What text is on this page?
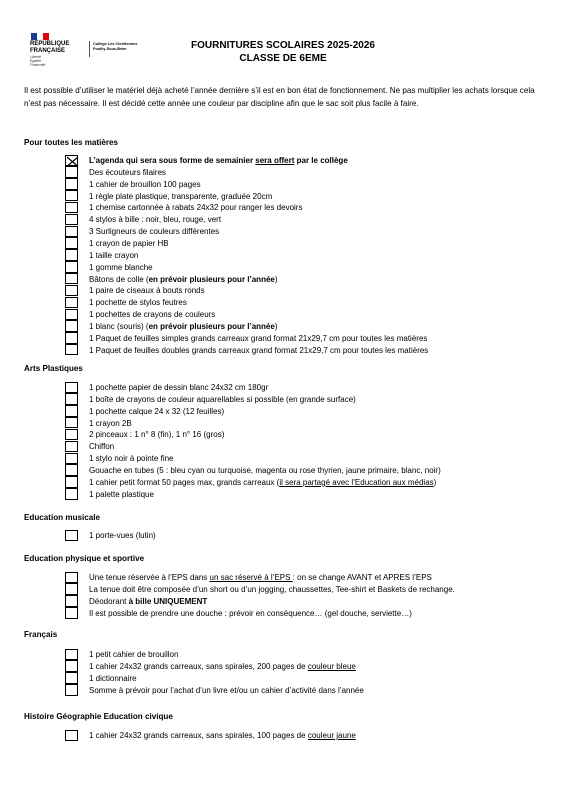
RÉPUBLIQUE FRANÇAISE
Liberté
Égalité
Fraternité
Collège Les Chrétiennes
Pouilly-Sous-Beim	FOURNITURES SCOLAIRES 2025-2026
CLASSE DE 6EME
Il est possible d’utiliser le matériel déjà acheté l’année dernière s’il est en bon état de fonctionnement. Ne pas multiplier les achats lorsque cela n’est pas nécessaire. Il est décidé cette année une couleur par discipline afin que le sac soit plus facile à faire.
Pour toutes les matières
L’agenda qui sera sous forme de semainier sera offert par le collège
Des écouteurs filaires
1 cahier de brouillon 100 pages
1 règle plate plastique, transparente, graduée 20cm
1 chemise cartonnée à rabats 24x32 pour ranger les devoirs
4 stylos à bille : noir, bleu, rouge, vert
3 Surligneurs de couleurs différentes
1 crayon de papier HB
1 taille crayon
1 gomme blanche
Bâtons de colle (en prévoir plusieurs pour l’année)
1 paire de ciseaux à bouts ronds
1 pochette de stylos feutres
1 pochettes de crayons de couleurs
1 blanc (souris) (en prévoir plusieurs pour l’année)
1 Paquet de feuilles simples grands carreaux grand format 21x29,7 cm pour toutes les matières
1 Paquet de feuilles doubles grands carreaux grand format 21x29,7 cm pour toutes les matières
Arts Plastiques
1 pochette papier de dessin blanc 24x32 cm 180gr
1 boîte de crayons de couleur aquarellables si possible (en grande surface)
1 pochette calque 24 x 32 (12 feuilles)
1 crayon 2B
2 pinceaux : 1 n° 8 (fin), 1 n° 16 (gros)
Chiffon
1 stylo noir à pointe fine
Gouache en tubes (5 : bleu cyan ou turquoise, magenta ou rose thyrien, jaune primaire, blanc, noir)
1 cahier petit format 50 pages max, grands carreaux (il sera partagé avec l’Education aux médias)
1 palette plastique
Education musicale
1 porte-vues (lutin)
Education physique et sportive
Une tenue réservée à l’EPS dans un sac réservé à l’EPS : on se change AVANT et APRES l’EPS
La tenue doit être composée d’un short ou d’un jogging, chaussettes, Tee-shirt et Baskets de rechange.
Déodorant à bille UNIQUEMENT
Il est possible de prendre une douche : prévoir en conséquence… (gel douche, serviette…)
Français
1 petit cahier de brouillon
1 cahier 24x32 grands carreaux, sans spirales, 200 pages de couleur bleue
1 dictionnaire
Somme à prévoir pour l’achat d’un livre et/ou un cahier d’activité dans l’année
Histoire Géographie Education civique
1 cahier 24x32 grands carreaux, sans spirales, 100 pages de couleur jaune
